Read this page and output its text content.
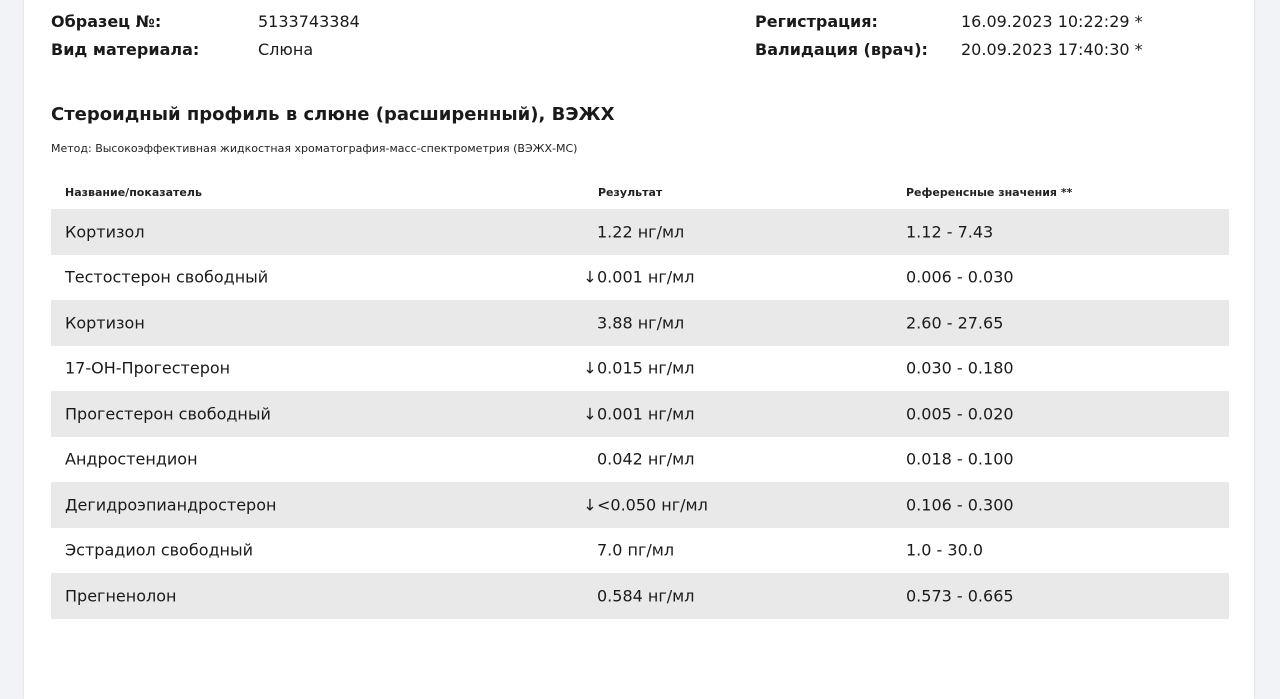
Образец №:	5133743384
Вид материала:	Слюна
Регистрация:	16.09.2023 10:22:29 *
Валидация (врач): 20.09.2023 17:40:30 *
Стероидный профиль в слюне (расширенный), ВЭЖХ
Метод: Высокоэффективная жидкостная хроматография-масс-спектрометрия (ВЭЖХ-МС)
Название/показатель	Результат	Референсные значения **
Кортизол	1.22 нг/мл	1.12 - 7.43
Тестостерон свободный	↓0.001 нг/мл	0.006 - 0.030
Кортизон	3.88 нг/мл	2.60 - 27.65
17-ОН-Прогестерон	↓0.015 нг/мл	0.030 - 0.180
Прогестерон свободный	↓0.001 нг/мл	0.005 - 0.020
Андростендион	0.042 нг/мл	0.018 - 0.100
Дегидроэпиандростерон	↓<0.050 нг/мл	0.106 - 0.300
Эстрадиол свободный	7.0 пг/мл	1.0 - 30.0
Прегненолон	0.584 нг/мл	0.573 - 0.665
